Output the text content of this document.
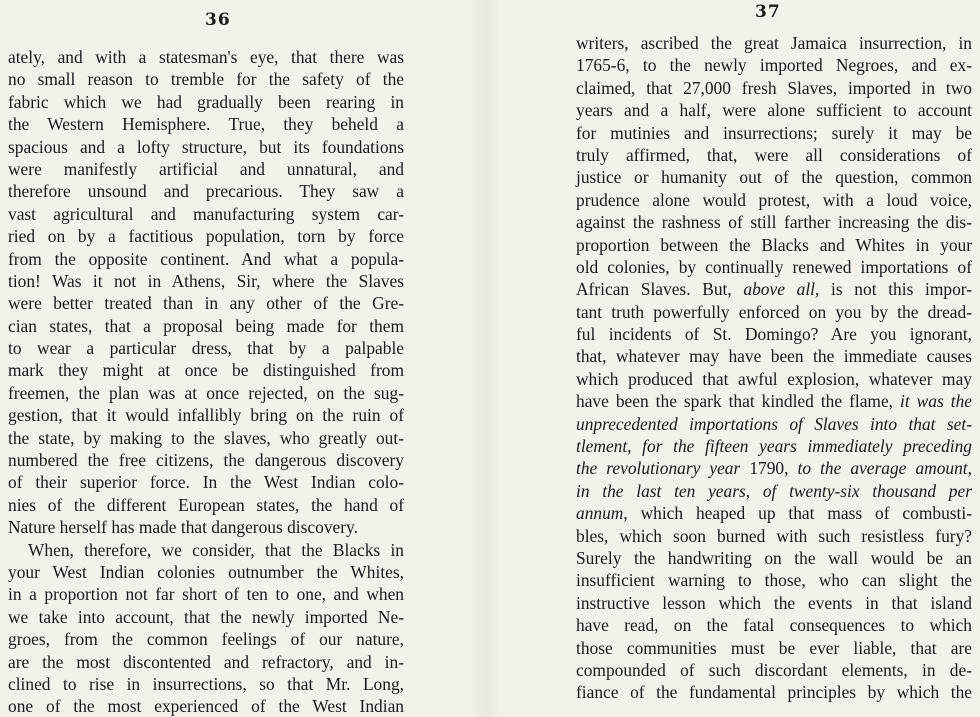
36
ately, and with a statesman's eye, that there was
no small reason to tremble for the safety of the
fabric which we had gradually been rearing in
the Western Hemisphere. True, they beheld a
spacious and a lofty structure, but its foundations
were manifestly artificial and unnatural, and
therefore unsound and precarious. They saw a
vast agricultural and manufacturing system car-
ried on by a factitious population, torn by force
from the opposite continent. And what a popula-
tion! Was it not in Athens, Sir, where the Slaves
were better treated than in any other of the Gre-
cian states, that a proposal being made for them
to wear a particular dress, that by a palpable
mark they might at once be distinguished from
freemen, the plan was at once rejected, on the sug-
gestion, that it would infallibly bring on the ruin of
the state, by making to the slaves, who greatly out-
numbered the free citizens, the dangerous discovery
of their superior force. In the West Indian colo-
nies of the different European states, the hand of
Nature herself has made that dangerous discovery.
When, therefore, we consider, that the Blacks in
your West Indian colonies outnumber the Whites,
in a proportion not far short of ten to one, and when
we take into account, that the newly imported Ne-
groes, from the common feelings of our nature,
are the most discontented and refractory, and in-
clined to rise in insurrections, so that Mr. Long,
one of the most experienced of the West Indian
37
writers, ascribed the great Jamaica insurrection, in
1765-6, to the newly imported Negroes, and ex-
claimed, that 27,000 fresh Slaves, imported in two
years and a half, were alone sufficient to account
for mutinies and insurrections; surely it may be
truly affirmed, that, were all considerations of
justice or humanity out of the question, common
prudence alone would protest, with a loud voice,
against the rashness of still farther increasing the dis-
proportion between the Blacks and Whites in your
old colonies, by continually renewed importations of
African Slaves. But, above all, is not this impor-
tant truth powerfully enforced on you by the dread-
ful incidents of St. Domingo? Are you ignorant,
that, whatever may have been the immediate causes
which produced that awful explosion, whatever may
have been the spark that kindled the flame, it was the
unprecedented importations of Slaves into that set-
tlement, for the fifteen years immediately preceding
the revolutionary year 1790, to the average amount,
in the last ten years, of twenty-six thousand per
annum, which heaped up that mass of combusti-
bles, which soon burned with such resistless fury?
Surely the handwriting on the wall would be an
insufficient warning to those, who can slight the
instructive lesson which the events in that island
have read, on the fatal consequences to which
those communities must be ever liable, that are
compounded of such discordant elements, in de-
fiance of the fundamental principles by which the
